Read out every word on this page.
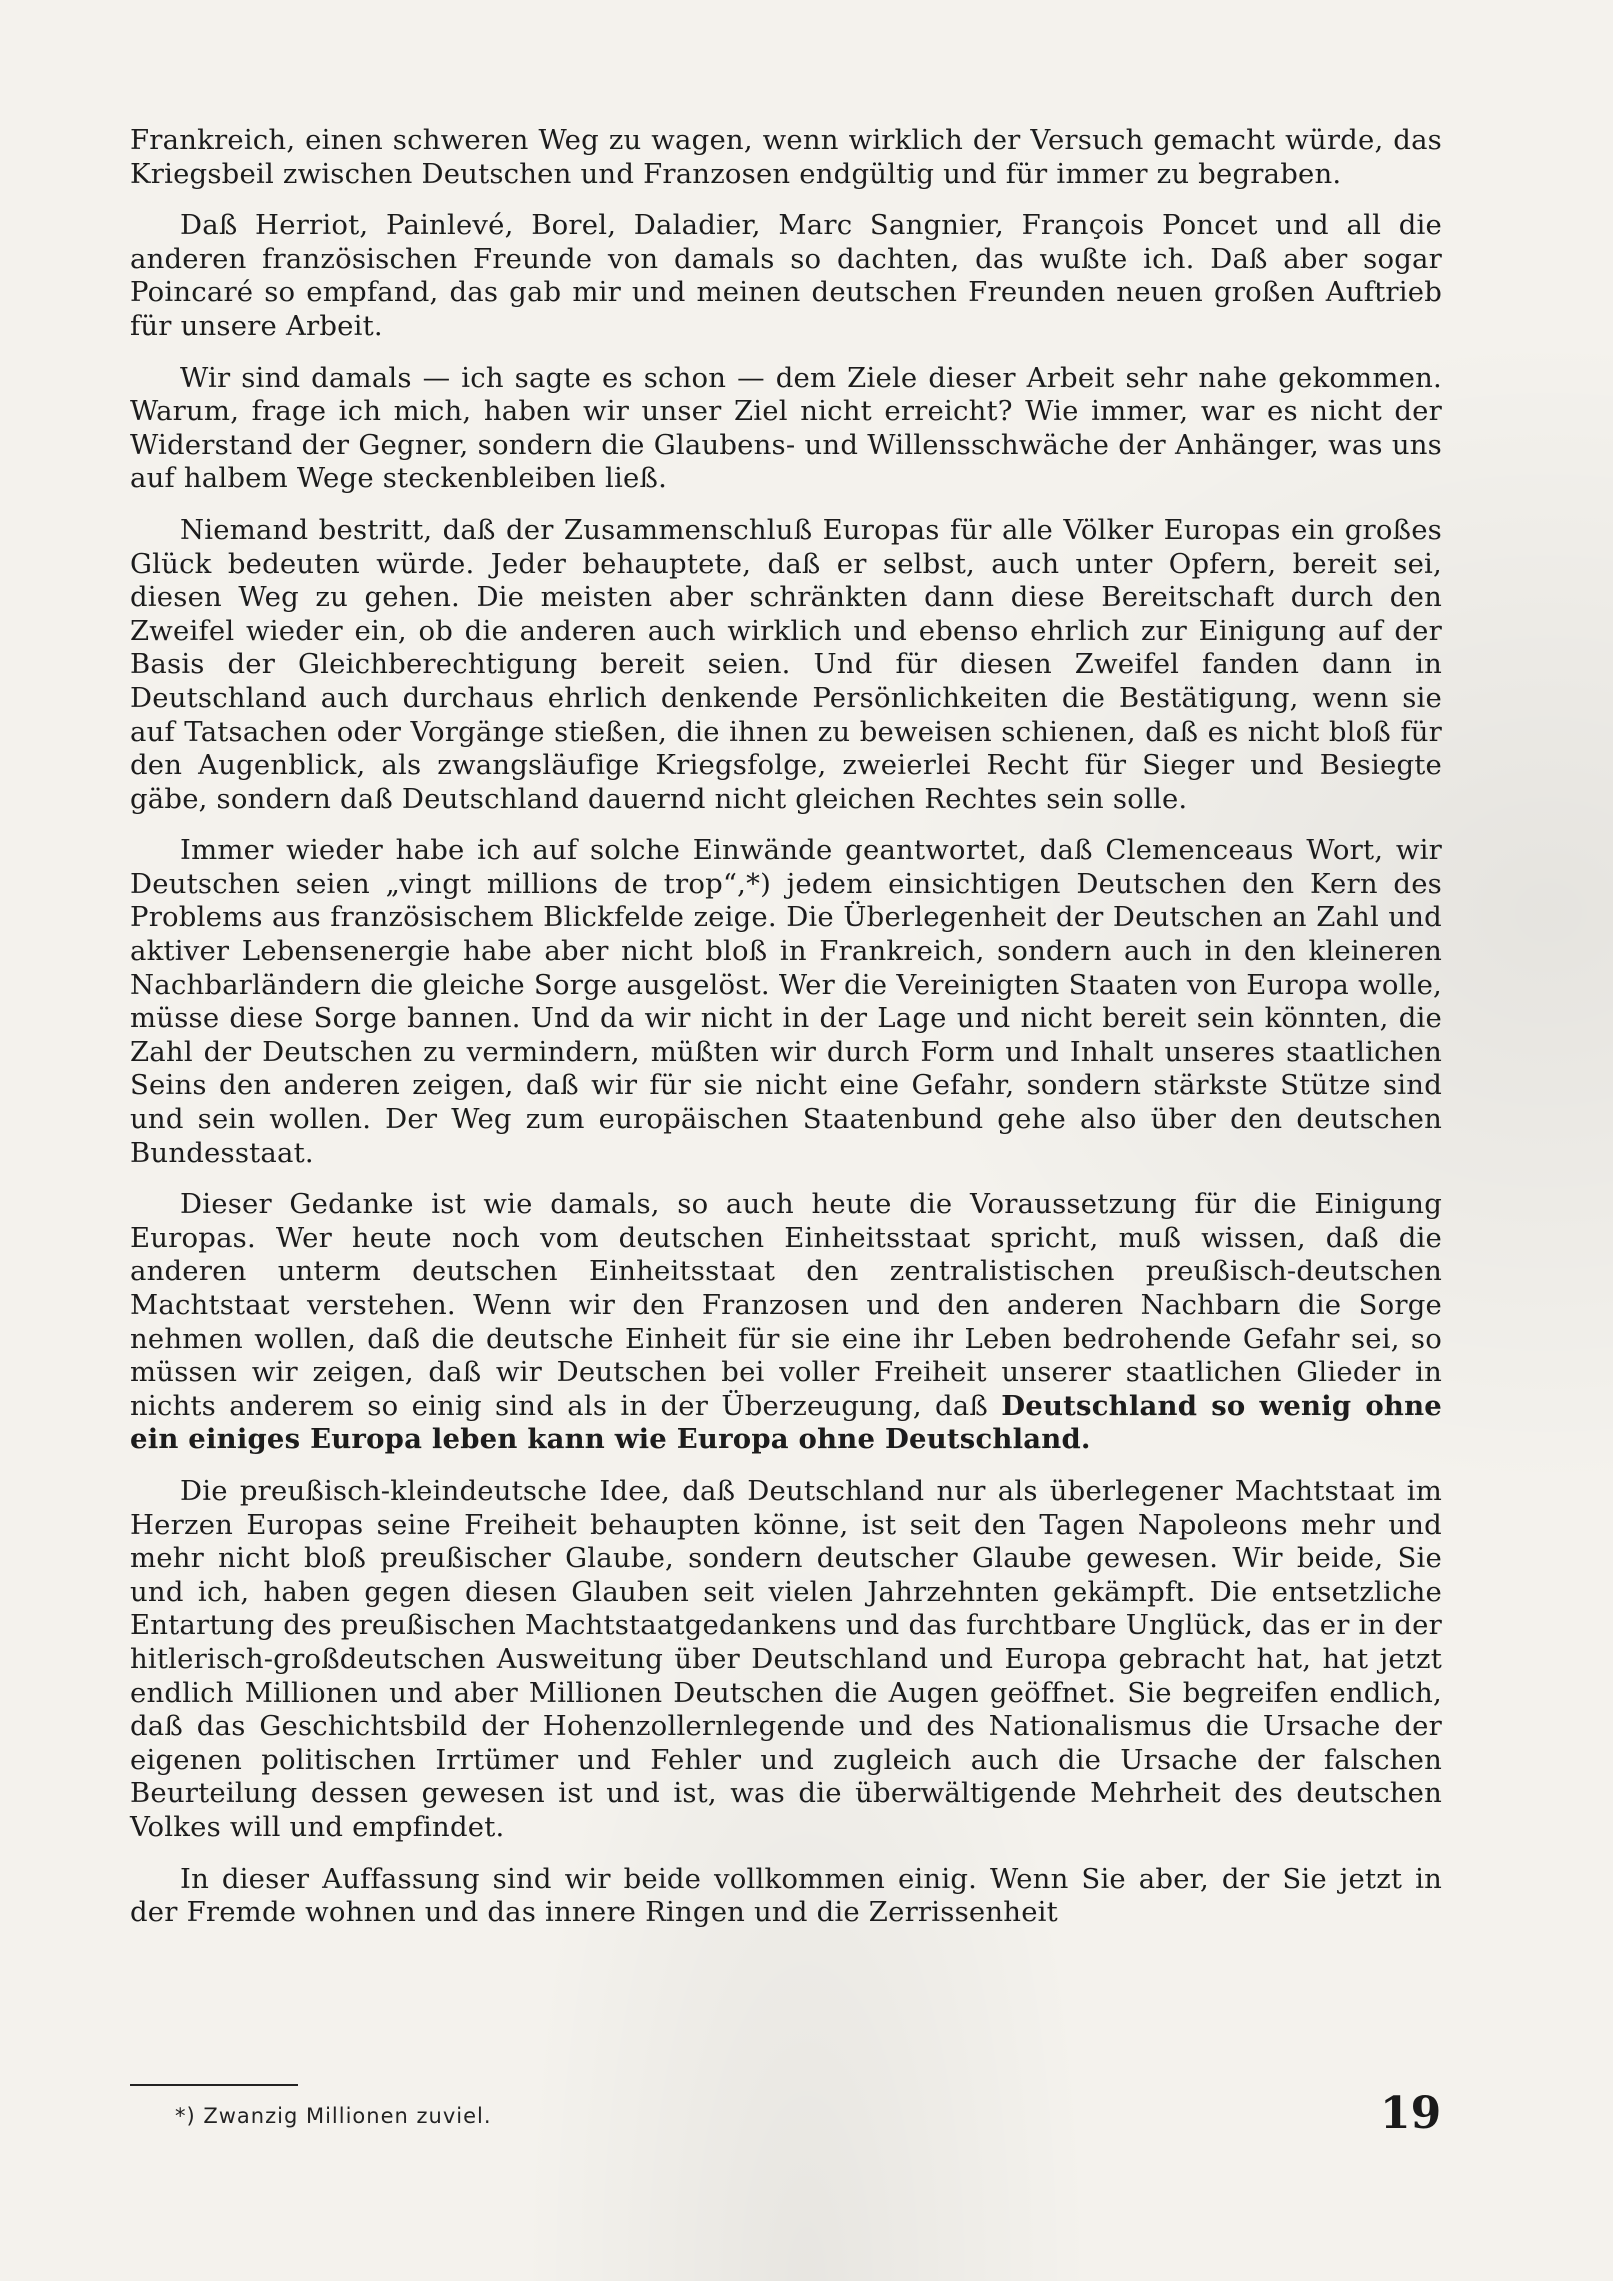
Frankreich, einen schweren Weg zu wagen, wenn wirklich der Versuch gemacht würde, das Kriegsbeil zwischen Deutschen und Franzosen endgültig und für immer zu begraben.

Daß Herriot, Painlevé, Borel, Daladier, Marc Sangnier, François Poncet und all die anderen französischen Freunde von damals so dachten, das wußte ich. Daß aber sogar Poincaré so empfand, das gab mir und meinen deutschen Freunden neuen großen Auftrieb für unsere Arbeit.

Wir sind damals — ich sagte es schon — dem Ziele dieser Arbeit sehr nahe gekommen. Warum, frage ich mich, haben wir unser Ziel nicht erreicht? Wie immer, war es nicht der Widerstand der Gegner, sondern die Glaubens- und Willensschwäche der Anhänger, was uns auf halbem Wege steckenbleiben ließ.

Niemand bestritt, daß der Zusammenschluß Europas für alle Völker Europas ein großes Glück bedeuten würde. Jeder behauptete, daß er selbst, auch unter Opfern, bereit sei, diesen Weg zu gehen. Die meisten aber schränkten dann diese Bereitschaft durch den Zweifel wieder ein, ob die anderen auch wirklich und ebenso ehrlich zur Einigung auf der Basis der Gleichberechtigung bereit seien. Und für diesen Zweifel fanden dann in Deutschland auch durchaus ehrlich denkende Persönlichkeiten die Bestätigung, wenn sie auf Tatsachen oder Vorgänge stießen, die ihnen zu beweisen schienen, daß es nicht bloß für den Augenblick, als zwangsläufige Kriegsfolge, zweierlei Recht für Sieger und Besiegte gäbe, sondern daß Deutschland dauernd nicht gleichen Rechtes sein solle.

Immer wieder habe ich auf solche Einwände geantwortet, daß Clemenceaus Wort, wir Deutschen seien „vingt millions de trop“,*) jedem einsichtigen Deutschen den Kern des Problems aus französischem Blickfelde zeige. Die Überlegenheit der Deutschen an Zahl und aktiver Lebensenergie habe aber nicht bloß in Frankreich, sondern auch in den kleineren Nachbarländern die gleiche Sorge ausgelöst. Wer die Vereinigten Staaten von Europa wolle, müsse diese Sorge bannen. Und da wir nicht in der Lage und nicht bereit sein könnten, die Zahl der Deutschen zu vermindern, müßten wir durch Form und Inhalt unseres staatlichen Seins den anderen zeigen, daß wir für sie nicht eine Gefahr, sondern stärkste Stütze sind und sein wollen. Der Weg zum europäischen Staatenbund gehe also über den deutschen Bundesstaat.

Dieser Gedanke ist wie damals, so auch heute die Voraussetzung für die Einigung Europas. Wer heute noch vom deutschen Einheitsstaat spricht, muß wissen, daß die anderen unterm deutschen Einheitsstaat den zentralistischen preußisch-deutschen Machtstaat verstehen. Wenn wir den Franzosen und den anderen Nachbarn die Sorge nehmen wollen, daß die deutsche Einheit für sie eine ihr Leben bedrohende Gefahr sei, so müssen wir zeigen, daß wir Deutschen bei voller Freiheit unserer staatlichen Glieder in nichts anderem so einig sind als in der Überzeugung, daß Deutschland so wenig ohne ein einiges Europa leben kann wie Europa ohne Deutschland.

Die preußisch-kleindeutsche Idee, daß Deutschland nur als überlegener Machtstaat im Herzen Europas seine Freiheit behaupten könne, ist seit den Tagen Napoleons mehr und mehr nicht bloß preußischer Glaube, sondern deutscher Glaube gewesen. Wir beide, Sie und ich, haben gegen diesen Glauben seit vielen Jahrzehnten gekämpft. Die entsetzliche Entartung des preußischen Machtstaatgedankens und das furchtbare Unglück, das er in der hitlerisch-großdeutschen Ausweitung über Deutschland und Europa gebracht hat, hat jetzt endlich Millionen und aber Millionen Deutschen die Augen geöffnet. Sie begreifen endlich, daß das Geschichtsbild der Hohenzollernlegende und des Nationalismus die Ursache der eigenen politischen Irrtümer und Fehler und zugleich auch die Ursache der falschen Beurteilung dessen gewesen ist und ist, was die überwältigende Mehrheit des deutschen Volkes will und empfindet.

In dieser Auffassung sind wir beide vollkommen einig. Wenn Sie aber, der Sie jetzt in der Fremde wohnen und das innere Ringen und die Zerrissenheit

*) Zwanzig Millionen zuviel.	19
